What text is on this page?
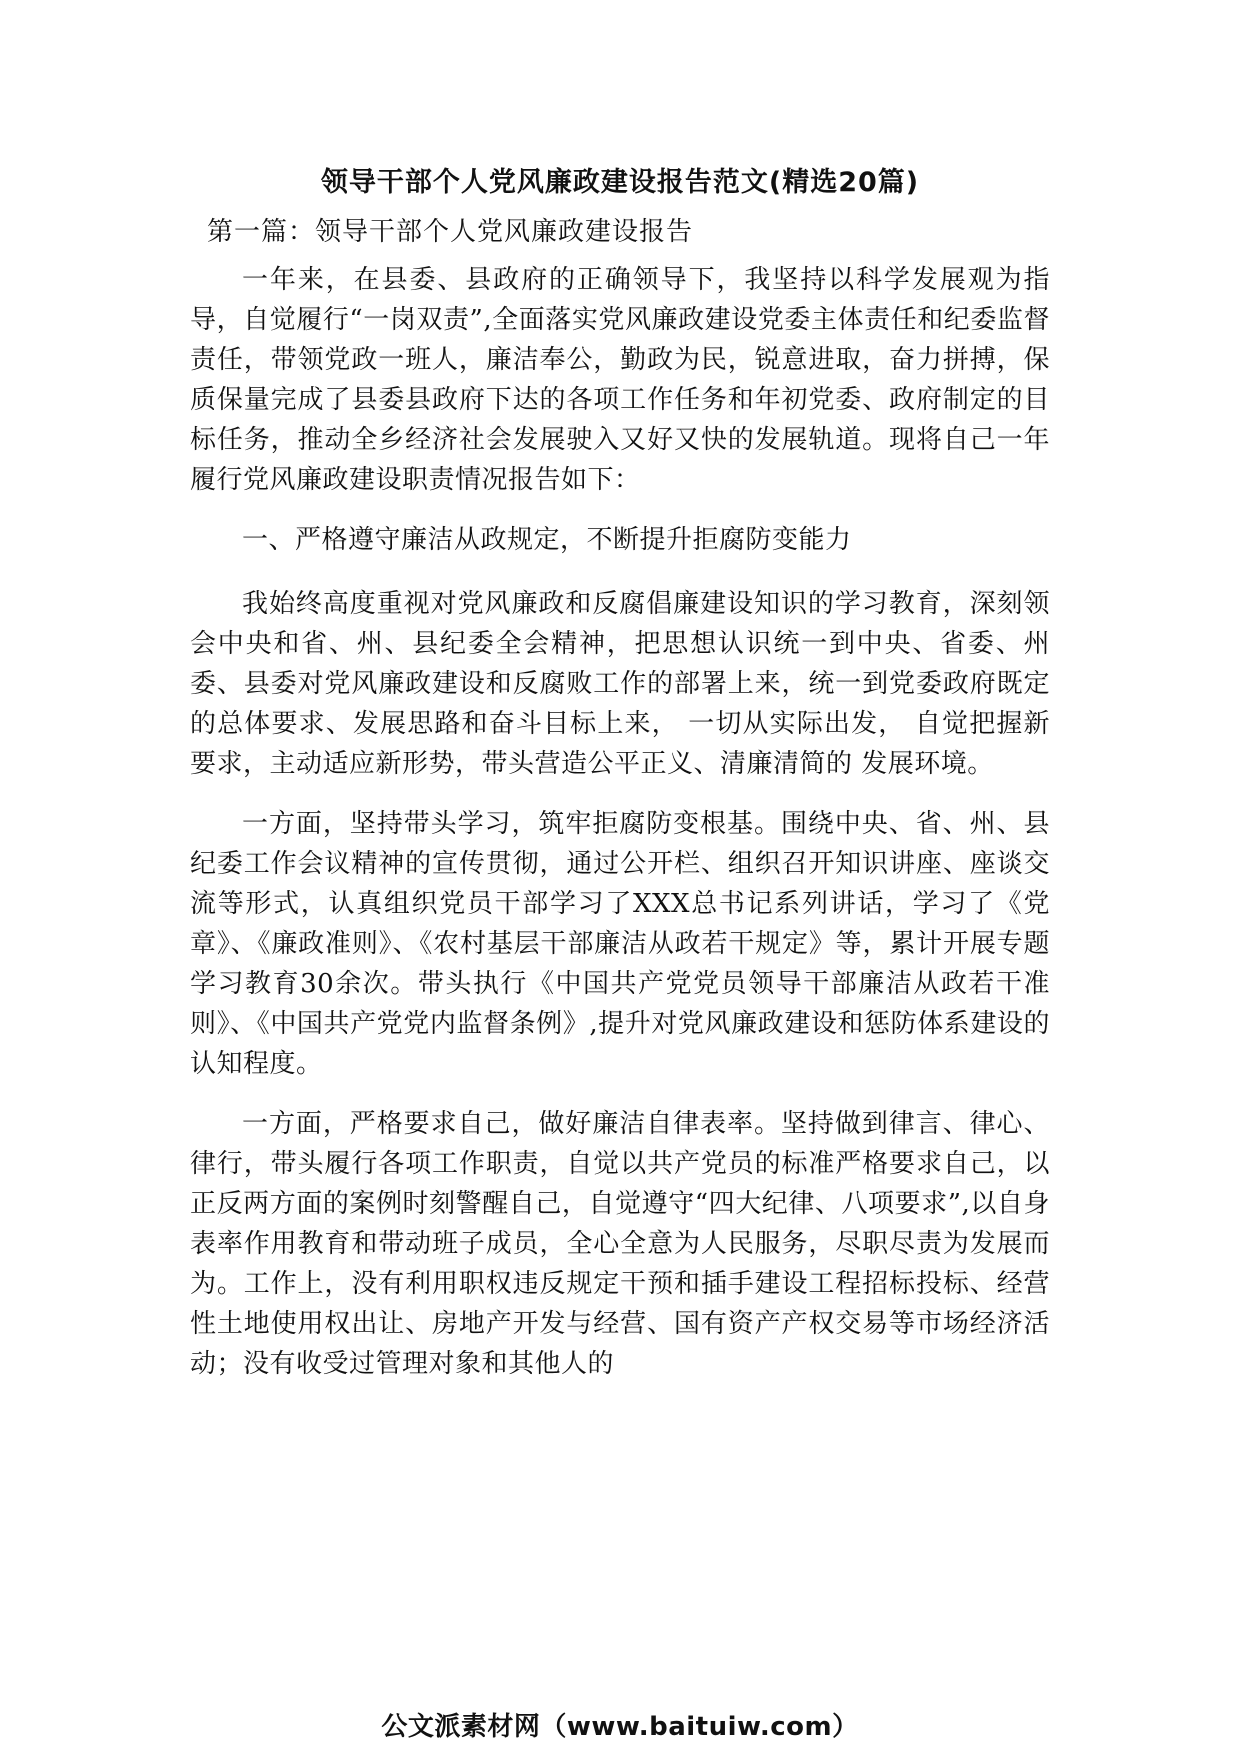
领导干部个人党风廉政建设报告范文(精选20篇)

第一篇：领导干部个人党风廉政建设报告

一年来，在县委、县政府的正确领导下，我坚持以科学发展观为指导，自觉履行“一岗双责”,全面落实党风廉政建设党委主体责任和纪委监督责任，带领党政一班人，廉洁奉公，勤政为民，锐意进取，奋力拼搏，保质保量完成了县委县政府下达的各项工作任务和年初党委、政府制定的目标任务，推动全乡经济社会发展驶入又好又快的发展轨道。现将自己一年履行党风廉政建设职责情况报告如下：

一、严格遵守廉洁从政规定，不断提升拒腐防变能力

我始终高度重视对党风廉政和反腐倡廉建设知识的学习教育，深刻领会中央和省、州、县纪委全会精神，把思想认识统一到中央、省委、州委、县委对党风廉政建设和反腐败工作的部署上来，统一到党委政府既定的总体要求、发展思路和奋斗目标上来， 一切从实际出发， 自觉把握新要求，主动适应新形势，带头营造公平正义、清廉清简的 发展环境。

一方面，坚持带头学习，筑牢拒腐防变根基。围绕中央、省、州、县纪委工作会议精神的宣传贯彻，通过公开栏、组织召开知识讲座、座谈交流等形式，认真组织党员干部学习了XXX总书记系列讲话，学习了《党章》、《廉政准则》、《农村基层干部廉洁从政若干规定》等，累计开展专题学习教育30余次。带头执行《中国共产党党员领导干部廉洁从政若干准则》、《中国共产党党内监督条例》,提升对党风廉政建设和惩防体系建设的认知程度。

一方面，严格要求自己，做好廉洁自律表率。坚持做到律言、律心、律行，带头履行各项工作职责，自觉以共产党员的标准严格要求自己，以正反两方面的案例时刻警醒自己，自觉遵守“四大纪律、八项要求”,以自身表率作用教育和带动班子成员，全心全意为人民服务，尽职尽责为发展而为。工作上，没有利用职权违反规定干预和插手建设工程招标投标、经营性土地使用权出让、房地产开发与经营、国有资产产权交易等市场经济活动；没有收受过管理对象和其他人的

公文派素材网（www.baituiw.com）
